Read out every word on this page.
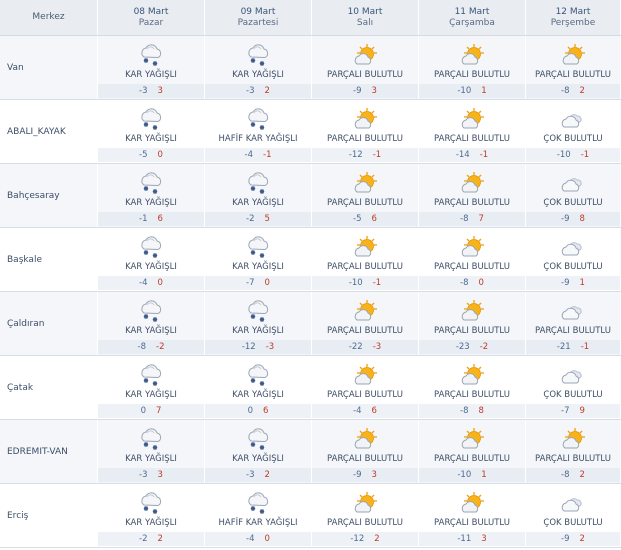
Merkez
08 Mart
Pazar
09 Mart
Pazartesi
10 Mart
Salı
11 Mart
Çarşamba
12 Mart
Perşembe
Van
KAR YAĞIŞLI
-3 3
KAR YAĞIŞLI
-3 2
PARÇALI BULUTLU
-9 3
PARÇALI BULUTLU
-10 1
PARÇALI BULUTLU
-8 2
ABALI_KAYAK
KAR YAĞIŞLI
-5 0
HAFİF KAR YAĞIŞLI
-4 -1
PARÇALI BULUTLU
-12 -1
PARÇALI BULUTLU
-14 -1
ÇOK BULUTLU
-10 -1
Bahçesaray
KAR YAĞIŞLI
-1 6
KAR YAĞIŞLI
-2 5
PARÇALI BULUTLU
-5 6
PARÇALI BULUTLU
-8 7
ÇOK BULUTLU
-9 8
Başkale
KAR YAĞIŞLI
-4 0
KAR YAĞIŞLI
-7 0
PARÇALI BULUTLU
-10 -1
PARÇALI BULUTLU
-8 0
ÇOK BULUTLU
-9 1
Çaldıran
KAR YAĞIŞLI
-8 -2
KAR YAĞIŞLI
-12 -3
PARÇALI BULUTLU
-22 -3
PARÇALI BULUTLU
-23 -2
PARÇALI BULUTLU
-21 -1
Çatak
KAR YAĞIŞLI
0 7
KAR YAĞIŞLI
0 6
PARÇALI BULUTLU
-4 6
PARÇALI BULUTLU
-8 8
ÇOK BULUTLU
-7 9
EDREMIT-VAN
KAR YAĞIŞLI
-3 3
KAR YAĞIŞLI
-3 2
PARÇALI BULUTLU
-9 3
PARÇALI BULUTLU
-10 1
PARÇALI BULUTLU
-8 2
Erciş
KAR YAĞIŞLI
-2 2
HAFİF KAR YAĞIŞLI
-4 0
PARÇALI BULUTLU
-12 2
PARÇALI BULUTLU
-11 3
ÇOK BULUTLU
-9 2
